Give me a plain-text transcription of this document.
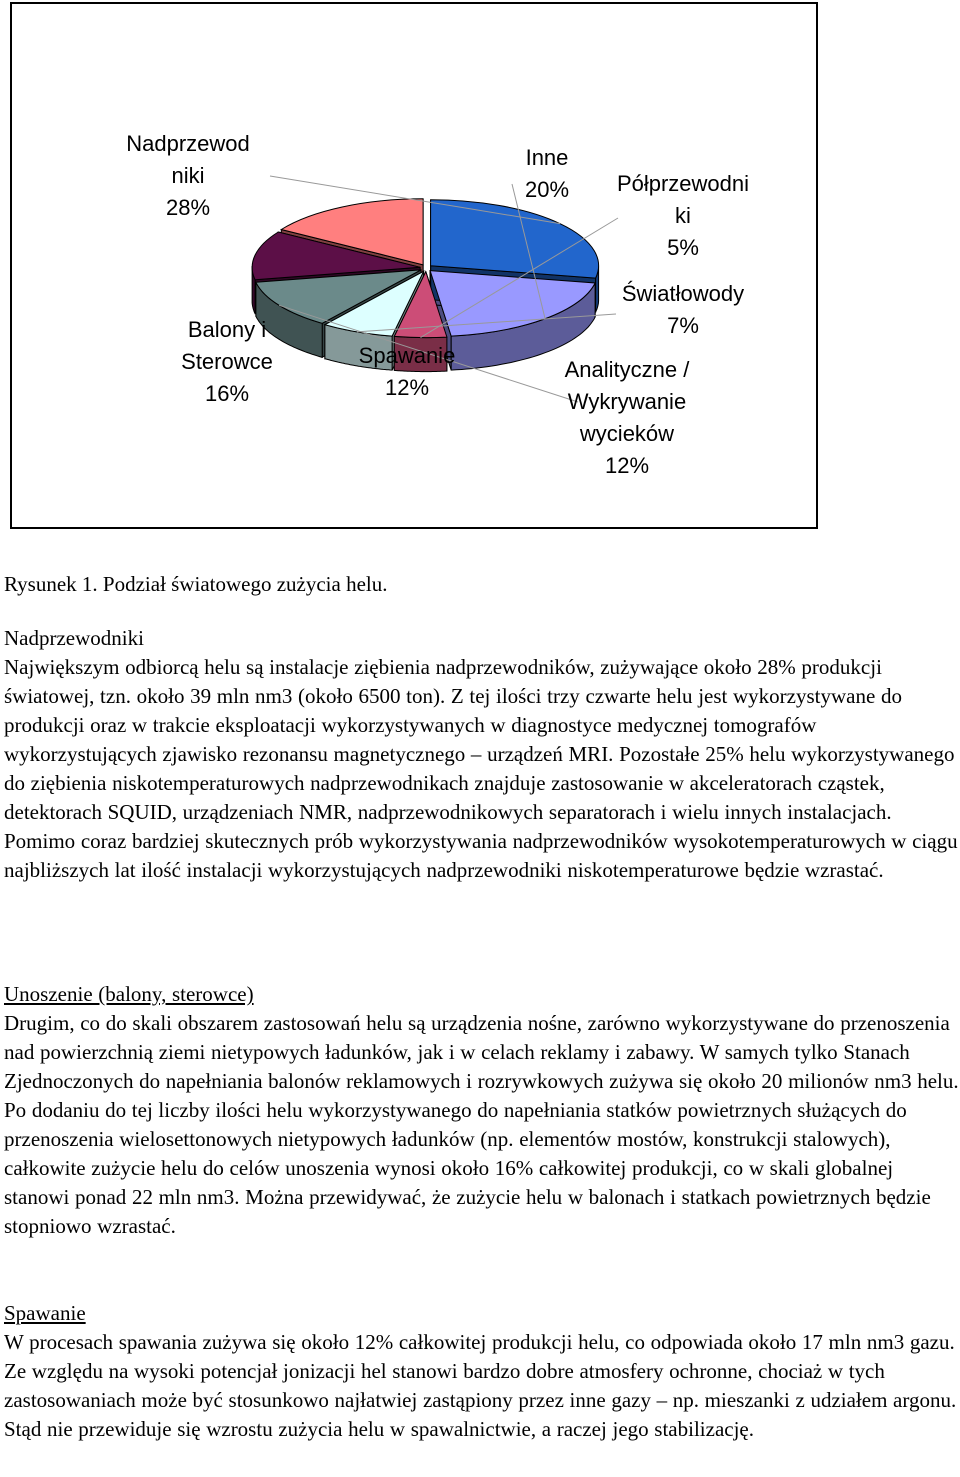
Nadprzewod
niki
28%
Inne
20%	Półprzewodni
ki
5%
Światłowody
7%
Analityczne /
Wykrywanie
wycieków
12%
Spawanie
12%
Balony i
Sterowce
16%
Rysunek 1. Podział światowego zużycia helu.
Nadprzewodniki
Największym odbiorcą helu są instalacje ziębienia nadprzewodników, zużywające około 28% produkcji światowej, tzn. około 39 mln nm3 (około 6500 ton). Z tej ilości trzy czwarte helu jest wykorzystywane do produkcji oraz w trakcie eksploatacji wykorzystywanych w diagnostyce medycznej tomografów wykorzystujących zjawisko rezonansu magnetycznego – urządzeń MRI. Pozostałe 25% helu wykorzystywanego do ziębienia niskotemperaturowych nadprzewodnikach znajduje zastosowanie w akceleratorach cząstek, detektorach SQUID, urządzeniach NMR, nadprzewodnikowych separatorach i wielu innych instalacjach. Pomimo coraz bardziej skutecznych prób wykorzystywania nadprzewodników wysokotemperaturowych w ciągu najbliższych lat ilość instalacji wykorzystujących nadprzewodniki niskotemperaturowe będzie wzrastać.
Unoszenie (balony, sterowce)
Drugim, co do skali obszarem zastosowań helu są urządzenia nośne, zarówno wykorzystywane do przenoszenia nad powierzchnią ziemi nietypowych ładunków, jak i w celach reklamy i zabawy. W samych tylko Stanach Zjednoczonych do napełniania balonów reklamowych i rozrywkowych zużywa się około 20 milionów nm3 helu. Po dodaniu do tej liczby ilości helu wykorzystywanego do napełniania statków powietrznych służących do przenoszenia wielosettonowych nietypowych ładunków (np. elementów mostów, konstrukcji stalowych), całkowite zużycie helu do celów unoszenia wynosi około 16% całkowitej produkcji, co w skali globalnej stanowi ponad 22 mln nm3. Można przewidywać, że zużycie helu w balonach i statkach powietrznych będzie stopniowo wzrastać.
Spawanie
W procesach spawania zużywa się około 12% całkowitej produkcji helu, co odpowiada około 17 mln nm3 gazu. Ze względu na wysoki potencjał jonizacji hel stanowi bardzo dobre atmosfery ochronne, chociaż w tych zastosowaniach może być stosunkowo najłatwiej zastąpiony przez inne gazy – np. mieszanki z udziałem argonu. Stąd nie przewiduje się wzrostu zużycia helu w spawalnictwie, a raczej jego stabilizację.
